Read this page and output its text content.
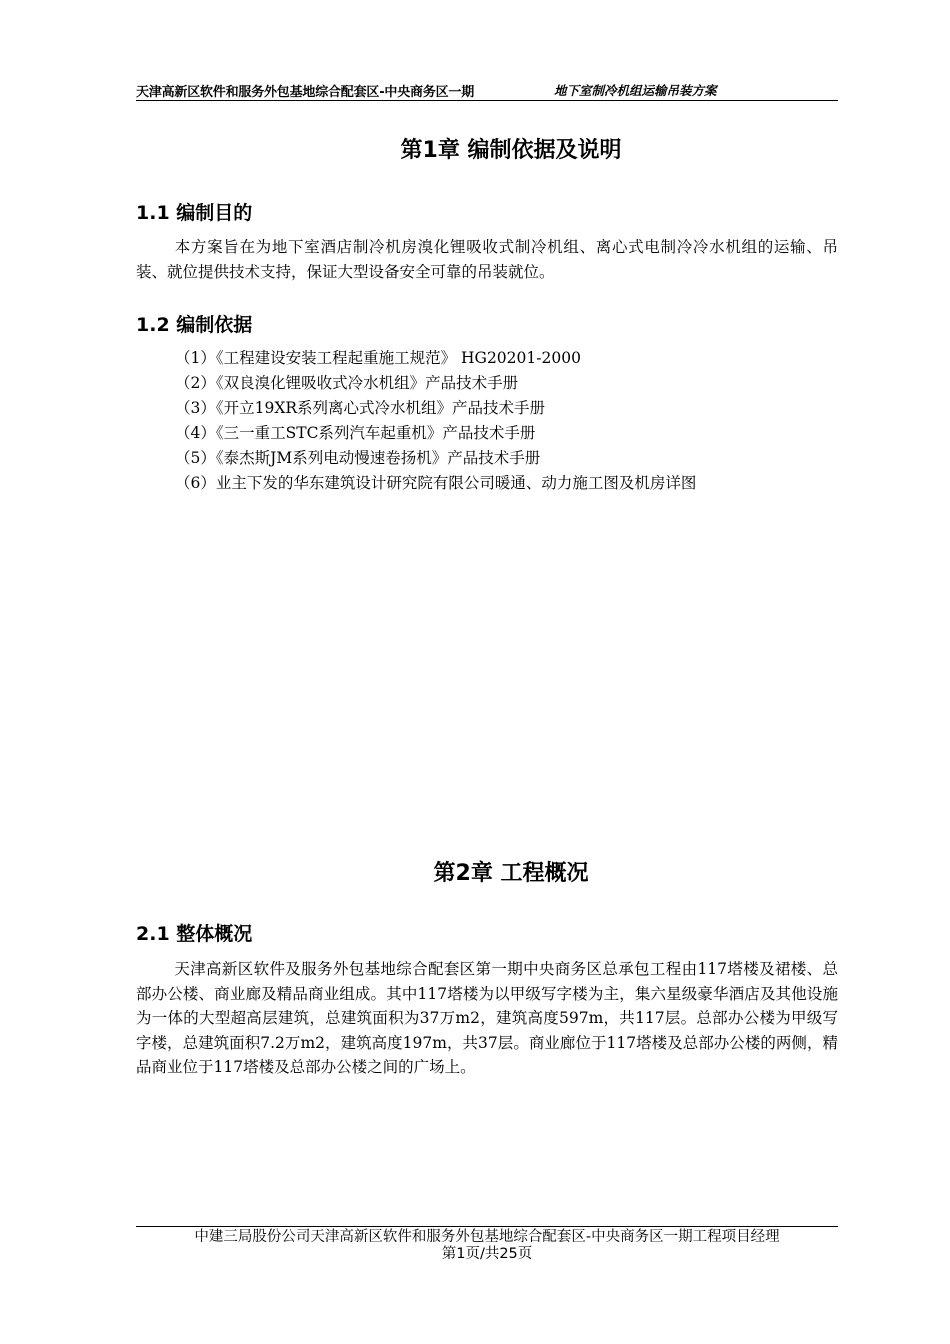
天津高新区软件和服务外包基地综合配套区-中央商务区一期	地下室制冷机组运输吊装方案
第1章 编制依据及说明
1.1 编制目的
本方案旨在为地下室酒店制冷机房溴化锂吸收式制冷机组、离心式电制冷冷水机组的运输、吊装、就位提供技术支持，保证大型设备安全可靠的吊装就位。
1.2 编制依据
（1）《工程建设安装工程起重施工规范》 HG20201-2000
（2）《双良溴化锂吸收式冷水机组》产品技术手册
（3）《开立19XR系列离心式冷水机组》产品技术手册
（4）《三一重工STC系列汽车起重机》产品技术手册
（5）《泰杰斯JM系列电动慢速卷扬机》产品技术手册
（6）业主下发的华东建筑设计研究院有限公司暖通、动力施工图及机房详图
第2章 工程概况
2.1 整体概况
天津高新区软件及服务外包基地综合配套区第一期中央商务区总承包工程由117塔楼及裙楼、总部办公楼、商业廊及精品商业组成。其中117塔楼为以甲级写字楼为主，集六星级豪华酒店及其他设施为一体的大型超高层建筑，总建筑面积为37万m2，建筑高度597m，共117层。总部办公楼为甲级写字楼，总建筑面积7.2万m2，建筑高度197m，共37层。商业廊位于117塔楼及总部办公楼的两侧，精品商业位于117塔楼及总部办公楼之间的广场上。
中建三局股份公司天津高新区软件和服务外包基地综合配套区-中央商务区一期工程项目经理
第1页/共25页
